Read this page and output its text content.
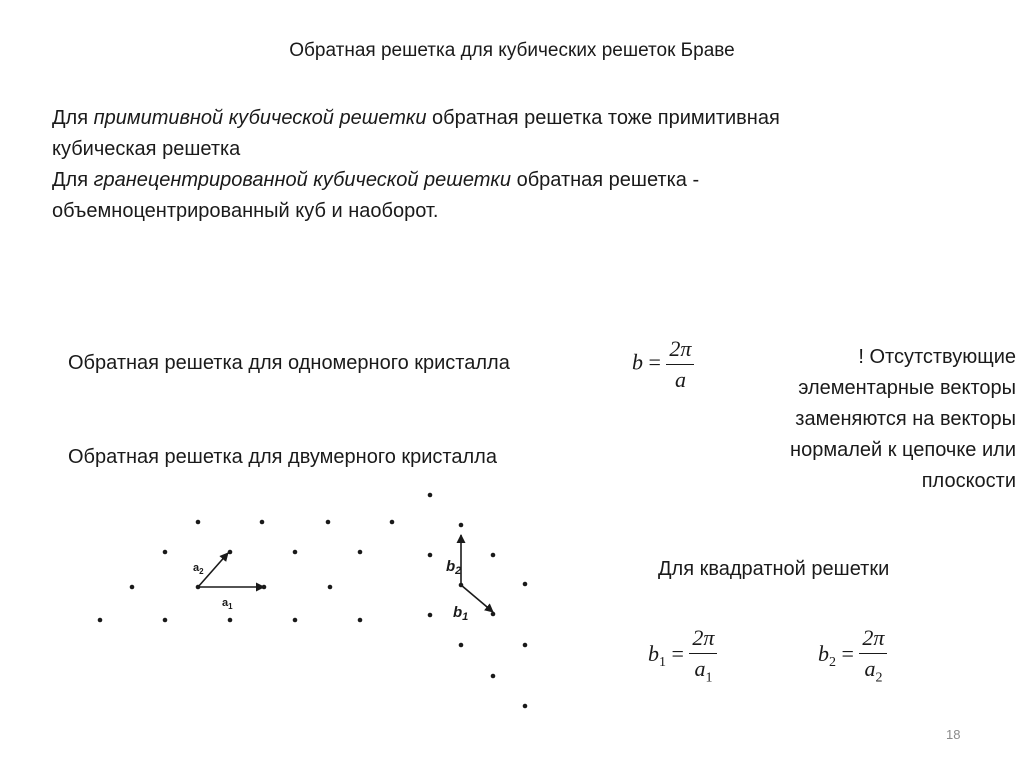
Обратная решетка для кубических решеток Браве
Для примитивной кубической решетки обратная решетка тоже примитивная
кубическая решетка
Для гранецентрированной кубической решетки обратная решетка -
объемноцентрированный куб и наоборот.
Обратная решетка для одномерного кристалла	$b = \frac{2\pi}{a}$	! Отсутствующие
элементарные векторы
заменяются на векторы
нормалей к цепочке или
плоскости
Обратная решетка для двумерного кристалла
$a_2$
$a_1$
$b_2$
$b_1$
Для квадратной решетки
$b_1 = \frac{2\pi}{a_1}$	$b_2 = \frac{2\pi}{a_2}$
18
